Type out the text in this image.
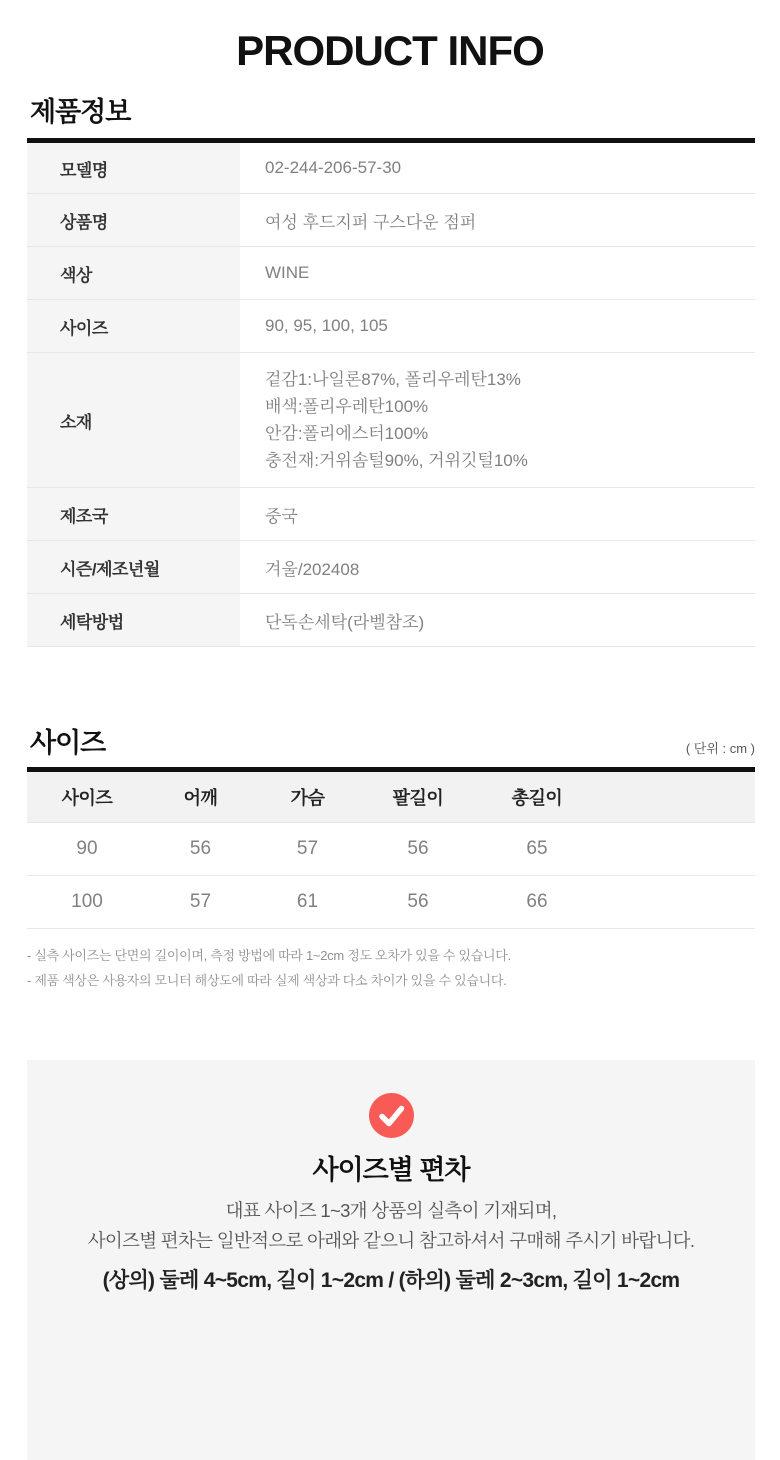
PRODUCT INFO
제품정보
모델명	02-244-206-57-30
상품명	여성 후드지퍼 구스다운 점퍼
색상	WINE
사이즈	90, 95, 100, 105
소재	겉감1:나일론87%, 폴리우레탄13%
배색:폴리우레탄100%
안감:폴리에스터100%
충전재:거위솜털90%, 거위깃털10%

제조국	중국
시즌/제조년월	겨울/202408
세탁방법	단독손세탁(라벨참조)
사이즈	( 단위 : cm )
사이즈	어깨	가슴	팔길이	총길이	
90	56	57	56	65	
100	57	61	56	66	
- 실측 사이즈는 단면의 길이이며, 측정 방법에 따라 1~2cm 정도 오차가 있을 수 있습니다.
- 제품 색상은 사용자의 모니터 해상도에 따라 실제 색상과 다소 차이가 있을 수 있습니다.
사이즈별 편차
대표 사이즈 1~3개 상품의 실측이 기재되며,
사이즈별 편차는 일반적으로 아래와 같으니 참고하셔서 구매해 주시기 바랍니다.
(상의) 둘레 4~5cm, 길이 1~2cm / (하의) 둘레 2~3cm, 길이 1~2cm
